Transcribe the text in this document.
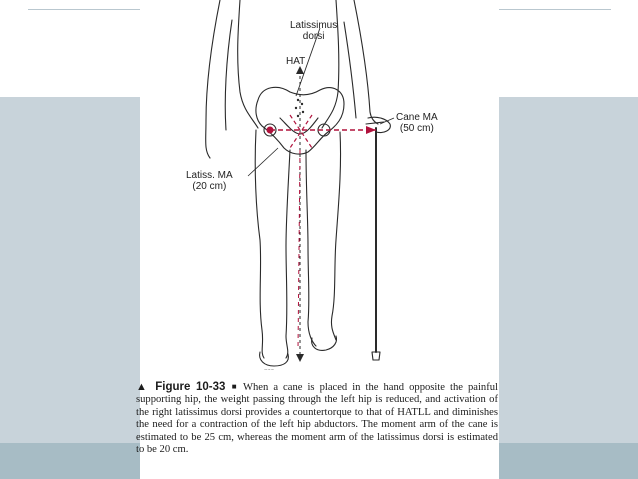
~~~
Latissimus
dorsi
HAT
Cane MA
(50 cm)
Latiss. MA
(20 cm)
▲ Figure 10-33 ■ When a cane is placed in the hand opposite the painful supporting hip, the weight passing through the left hip is reduced, and activation of the right latissimus dorsi provides a countertorque to that of HATLL and diminishes the need for a contraction of the left hip abductors. The moment arm of the cane is estimated to be 25 cm, whereas the moment arm of the latissimus dorsi is estimated to be 20 cm.
